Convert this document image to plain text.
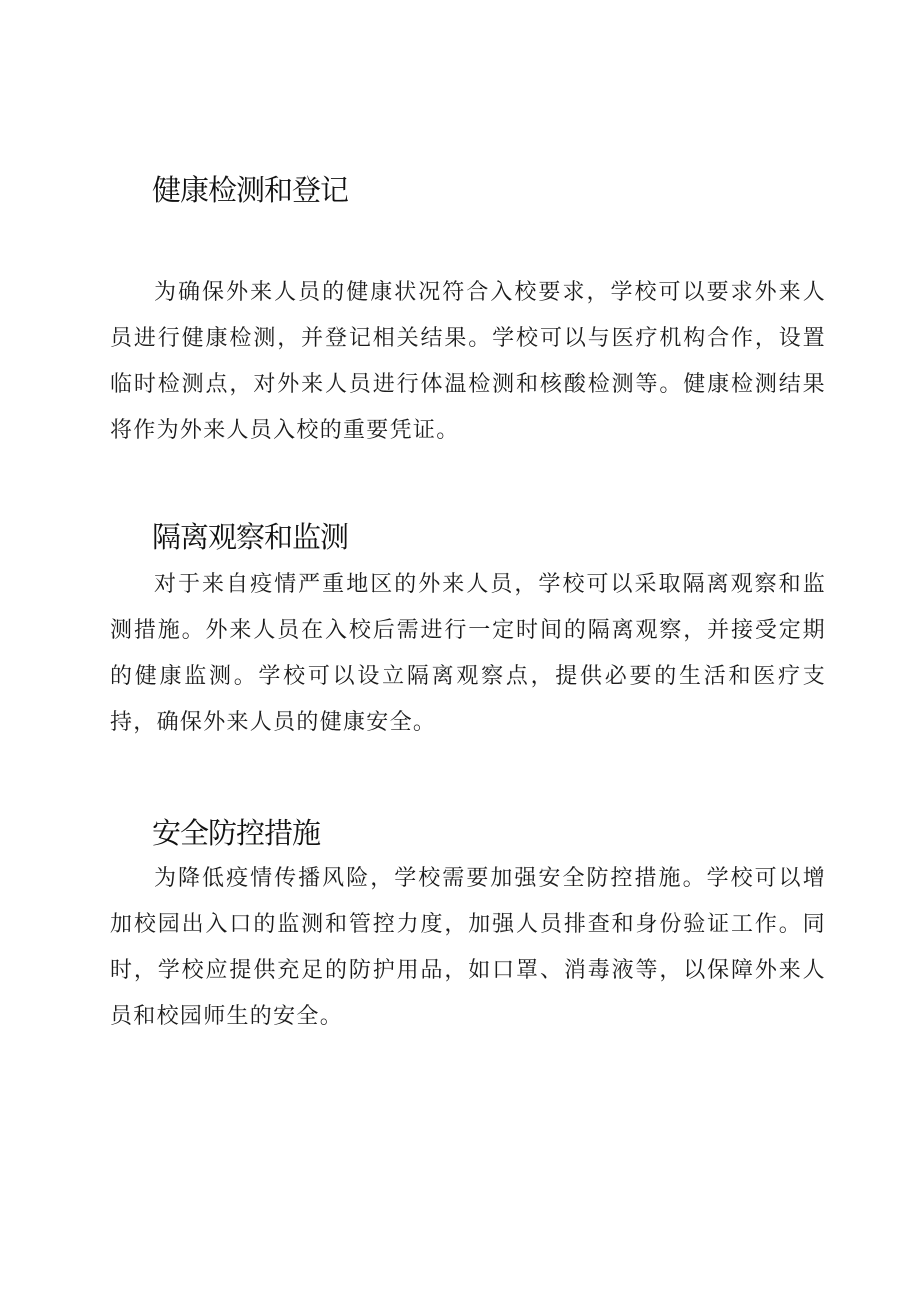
健康检测和登记

为确保外来人员的健康状况符合入校要求，学校可以要求外来人员进行健康检测，并登记相关结果。学校可以与医疗机构合作，设置临时检测点，对外来人员进行体温检测和核酸检测等。健康检测结果将作为外来人员入校的重要凭证。

隔离观察和监测

对于来自疫情严重地区的外来人员，学校可以采取隔离观察和监测措施。外来人员在入校后需进行一定时间的隔离观察，并接受定期的健康监测。学校可以设立隔离观察点，提供必要的生活和医疗支持，确保外来人员的健康安全。

安全防控措施

为降低疫情传播风险，学校需要加强安全防控措施。学校可以增加校园出入口的监测和管控力度，加强人员排查和身份验证工作。同时，学校应提供充足的防护用品，如口罩、消毒液等，以保障外来人员和校园师生的安全。
